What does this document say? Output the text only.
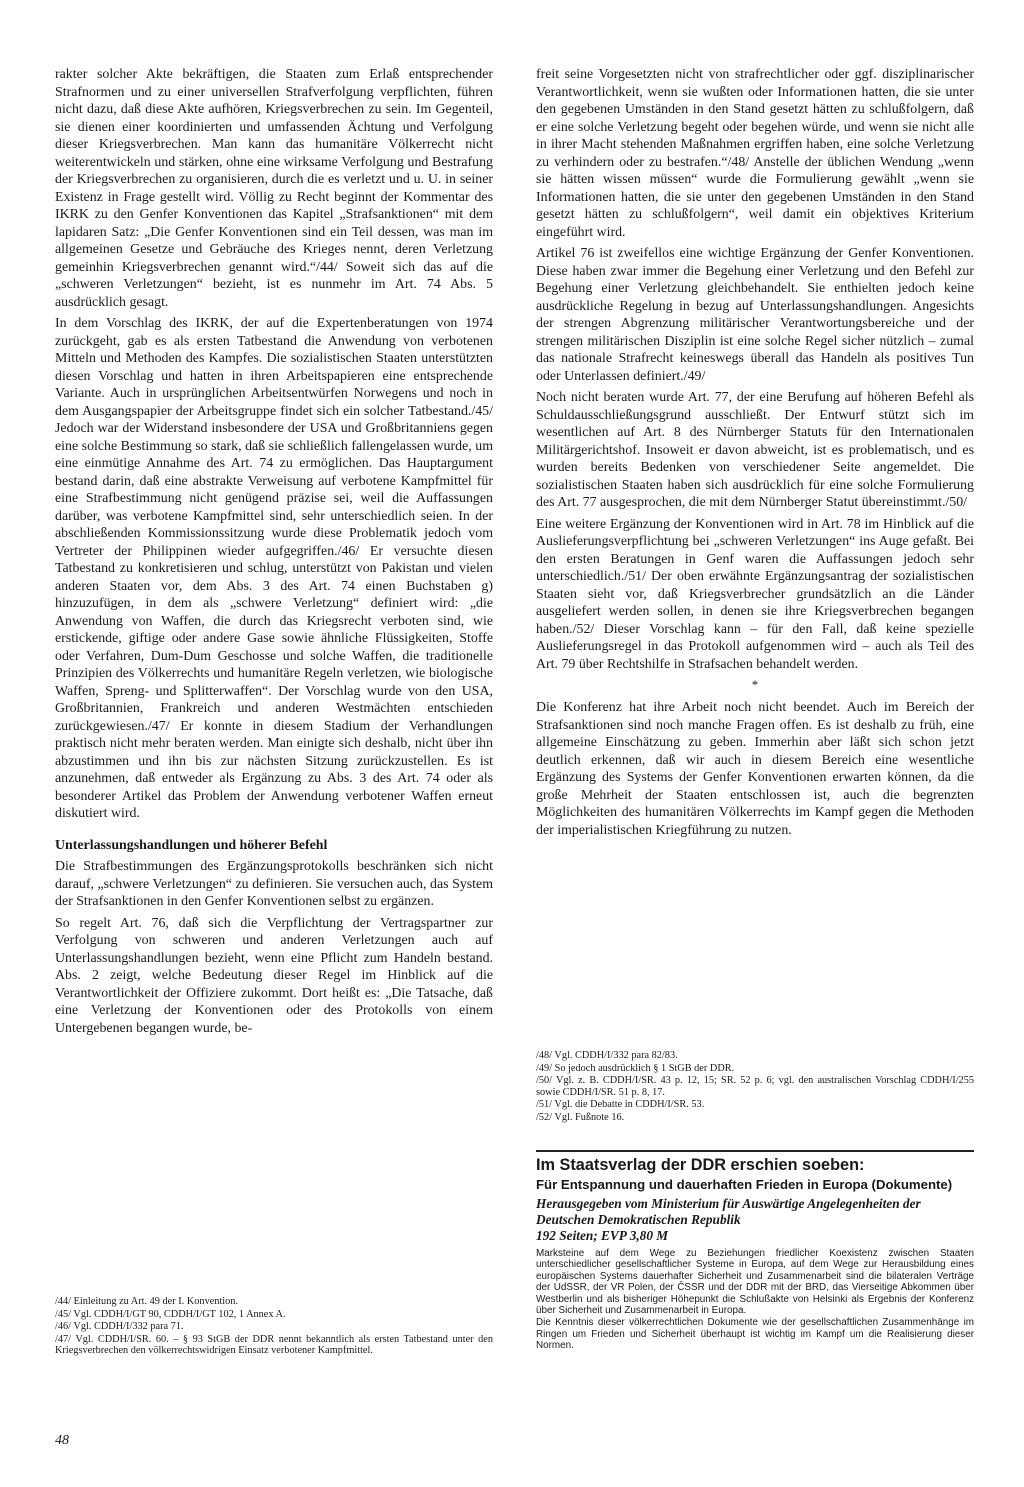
rakter solcher Akte bekräftigen, die Staaten zum Erlaß entsprechender Strafnormen und zu einer universellen Strafverfolgung verpflichten, führen nicht dazu, daß diese Akte aufhören, Kriegsverbrechen zu sein. Im Gegenteil, sie dienen einer koordinierten und umfassenden Ächtung und Verfolgung dieser Kriegsverbrechen. Man kann das humanitäre Völkerrecht nicht weiterentwickeln und stärken, ohne eine wirksame Verfolgung und Bestrafung der Kriegsverbrechen zu organisieren, durch die es verletzt und u. U. in seiner Existenz in Frage gestellt wird. Völlig zu Recht beginnt der Kommentar des IKRK zu den Genfer Konventionen das Kapitel „Strafsanktionen“ mit dem lapidaren Satz: „Die Genfer Konventionen sind ein Teil dessen, was man im allgemeinen Gesetze und Gebräuche des Krieges nennt, deren Verletzung gemeinhin Kriegsverbrechen genannt wird.“/44/ Soweit sich das auf die „schweren Verletzungen“ bezieht, ist es nunmehr im Art. 74 Abs. 5 ausdrücklich gesagt.

In dem Vorschlag des IKRK, der auf die Expertenberatungen von 1974 zurückgeht, gab es als ersten Tatbestand die Anwendung von verbotenen Mitteln und Methoden des Kampfes. Die sozialistischen Staaten unterstützten diesen Vorschlag und hatten in ihren Arbeitspapieren eine entsprechende Variante. Auch in ursprünglichen Arbeitsentwürfen Norwegens und noch in dem Ausgangspapier der Arbeitsgruppe findet sich ein solcher Tatbestand./45/ Jedoch war der Widerstand insbesondere der USA und Großbritanniens gegen eine solche Bestimmung so stark, daß sie schließlich fallengelassen wurde, um eine einmütige Annahme des Art. 74 zu ermöglichen. Das Hauptargument bestand darin, daß eine abstrakte Verweisung auf verbotene Kampfmittel für eine Strafbestimmung nicht genügend präzise sei, weil die Auffassungen darüber, was verbotene Kampfmittel sind, sehr unterschiedlich seien. In der abschließenden Kommissionssitzung wurde diese Problematik jedoch vom Vertreter der Philippinen wieder aufgegriffen./46/ Er versuchte diesen Tatbestand zu konkretisieren und schlug, unterstützt von Pakistan und vielen anderen Staaten vor, dem Abs. 3 des Art. 74 einen Buchstaben g) hinzuzufügen, in dem als „schwere Verletzung“ definiert wird: „die Anwendung von Waffen, die durch das Kriegsrecht verboten sind, wie erstickende, giftige oder andere Gase sowie ähnliche Flüssigkeiten, Stoffe oder Verfahren, Dum-Dum Geschosse und solche Waffen, die traditionelle Prinzipien des Völkerrechts und humanitäre Regeln verletzen, wie biologische Waffen, Spreng- und Splitterwaffen“. Der Vorschlag wurde von den USA, Großbritannien, Frankreich und anderen Westmächten entschieden zurückgewiesen./47/ Er konnte in diesem Stadium der Verhandlungen praktisch nicht mehr beraten werden. Man einigte sich deshalb, nicht über ihn abzustimmen und ihn bis zur nächsten Sitzung zurückzustellen. Es ist anzunehmen, daß entweder als Ergänzung zu Abs. 3 des Art. 74 oder als besonderer Artikel das Problem der Anwendung verbotener Waffen erneut diskutiert wird.

Unterlassungshandlungen und höherer Befehl

Die Strafbestimmungen des Ergänzungsprotokolls beschränken sich nicht darauf, „schwere Verletzungen“ zu definieren. Sie versuchen auch, das System der Strafsanktionen in den Genfer Konventionen selbst zu ergänzen.

So regelt Art. 76, daß sich die Verpflichtung der Vertragspartner zur Verfolgung von schweren und anderen Verletzungen auch auf Unterlassungshandlungen bezieht, wenn eine Pflicht zum Handeln bestand. Abs. 2 zeigt, welche Bedeutung dieser Regel im Hinblick auf die Verantwortlichkeit der Offiziere zukommt. Dort heißt es: „Die Tatsache, daß eine Verletzung der Konventionen oder des Protokolls von einem Untergebenen begangen wurde, be-

/44/ Einleitung zu Art. 49 der I. Konvention.

/45/ Vgl. CDDH/I/GT 90, CDDH/I/GT 102, 1 Annex A.

/46/ Vgl. CDDH/I/332 para 71.

/47/ Vgl. CDDH/I/SR. 60. – § 93 StGB der DDR nennt bekanntlich als ersten Tatbestand unter den Kriegsverbrechen den völkerrechtswidrigen Einsatz verbotener Kampfmittel.

freit seine Vorgesetzten nicht von strafrechtlicher oder ggf. disziplinarischer Verantwortlichkeit, wenn sie wußten oder Informationen hatten, die sie unter den gegebenen Umständen in den Stand gesetzt hätten zu schlußfolgern, daß er eine solche Verletzung begeht oder begehen würde, und wenn sie nicht alle in ihrer Macht stehenden Maßnahmen ergriffen haben, eine solche Verletzung zu verhindern oder zu bestrafen.“/48/ Anstelle der üblichen Wendung „wenn sie hätten wissen müssen“ wurde die Formulierung gewählt „wenn sie Informationen hatten, die sie unter den gegebenen Umständen in den Stand gesetzt hätten zu schlußfolgern“, weil damit ein objektives Kriterium eingeführt wird.

Artikel 76 ist zweifellos eine wichtige Ergänzung der Genfer Konventionen. Diese haben zwar immer die Begehung einer Verletzung und den Befehl zur Begehung einer Verletzung gleichbehandelt. Sie enthielten jedoch keine ausdrückliche Regelung in bezug auf Unterlassungshandlungen. Angesichts der strengen Abgrenzung militärischer Verantwortungsbereiche und der strengen militärischen Disziplin ist eine solche Regel sicher nützlich – zumal das nationale Strafrecht keineswegs überall das Handeln als positives Tun oder Unterlassen definiert./49/

Noch nicht beraten wurde Art. 77, der eine Berufung auf höheren Befehl als Schuldausschließungsgrund ausschließt. Der Entwurf stützt sich im wesentlichen auf Art. 8 des Nürnberger Statuts für den Internationalen Militärgerichtshof. Insoweit er davon abweicht, ist es problematisch, und es wurden bereits Bedenken von verschiedener Seite angemeldet. Die sozialistischen Staaten haben sich ausdrücklich für eine solche Formulierung des Art. 77 ausgesprochen, die mit dem Nürnberger Statut übereinstimmt./50/

Eine weitere Ergänzung der Konventionen wird in Art. 78 im Hinblick auf die Auslieferungsverpflichtung bei „schweren Verletzungen“ ins Auge gefaßt. Bei den ersten Beratungen in Genf waren die Auffassungen jedoch sehr unterschiedlich./51/ Der oben erwähnte Ergänzungsantrag der sozialistischen Staaten sieht vor, daß Kriegsverbrecher grundsätzlich an die Länder ausgeliefert werden sollen, in denen sie ihre Kriegsverbrechen begangen haben./52/ Dieser Vorschlag kann – für den Fall, daß keine spezielle Auslieferungsregel in das Protokoll aufgenommen wird – auch als Teil des Art. 79 über Rechtshilfe in Strafsachen behandelt werden.

*

Die Konferenz hat ihre Arbeit noch nicht beendet. Auch im Bereich der Strafsanktionen sind noch manche Fragen offen. Es ist deshalb zu früh, eine allgemeine Einschätzung zu geben. Immerhin aber läßt sich schon jetzt deutlich erkennen, daß wir auch in diesem Bereich eine wesentliche Ergänzung des Systems der Genfer Konventionen erwarten können, da die große Mehrheit der Staaten entschlossen ist, auch die begrenzten Möglichkeiten des humanitären Völkerrechts im Kampf gegen die Methoden der imperialistischen Kriegführung zu nutzen.

/48/ Vgl. CDDH/I/332 para 82/83.

/49/ So jedoch ausdrücklich § 1 StGB der DDR.

/50/ Vgl. z. B. CDDH/I/SR. 43 p. 12, 15; SR. 52 p. 6; vgl. den australischen Vorschlag CDDH/I/255 sowie CDDH/I/SR. 51 p. 8, 17.

/51/ Vgl. die Debatte in CDDH/I/SR. 53.

/52/ Vgl. Fußnote 16.

Im Staatsverlag der DDR erschien soeben:

Für Entspannung und dauerhaften Frieden in Europa (Dokumente)

Herausgegeben vom Ministerium für Auswärtige Angelegenheiten der Deutschen Demokratischen Republik
192 Seiten; EVP 3,80 M

Marksteine auf dem Wege zu Beziehungen friedlicher Koexistenz zwischen Staaten unterschiedlicher gesellschaftlicher Systeme in Europa, auf dem Wege zur Herausbildung eines europäischen Systems dauerhafter Sicherheit und Zusammenarbeit sind die bilateralen Verträge der UdSSR, der VR Polen, der ČSSR und der DDR mit der BRD, das Vierseitige Abkommen über Westberlin und als bisheriger Höhepunkt die Schlußakte von Helsinki als Ergebnis der Konferenz über Sicherheit und Zusammenarbeit in Europa.

Die Kenntnis dieser völkerrechtlichen Dokumente wie der gesellschaftlichen Zusammenhänge im Ringen um Frieden und Sicherheit überhaupt ist wichtig im Kampf um die Realisierung dieser Normen.

48
